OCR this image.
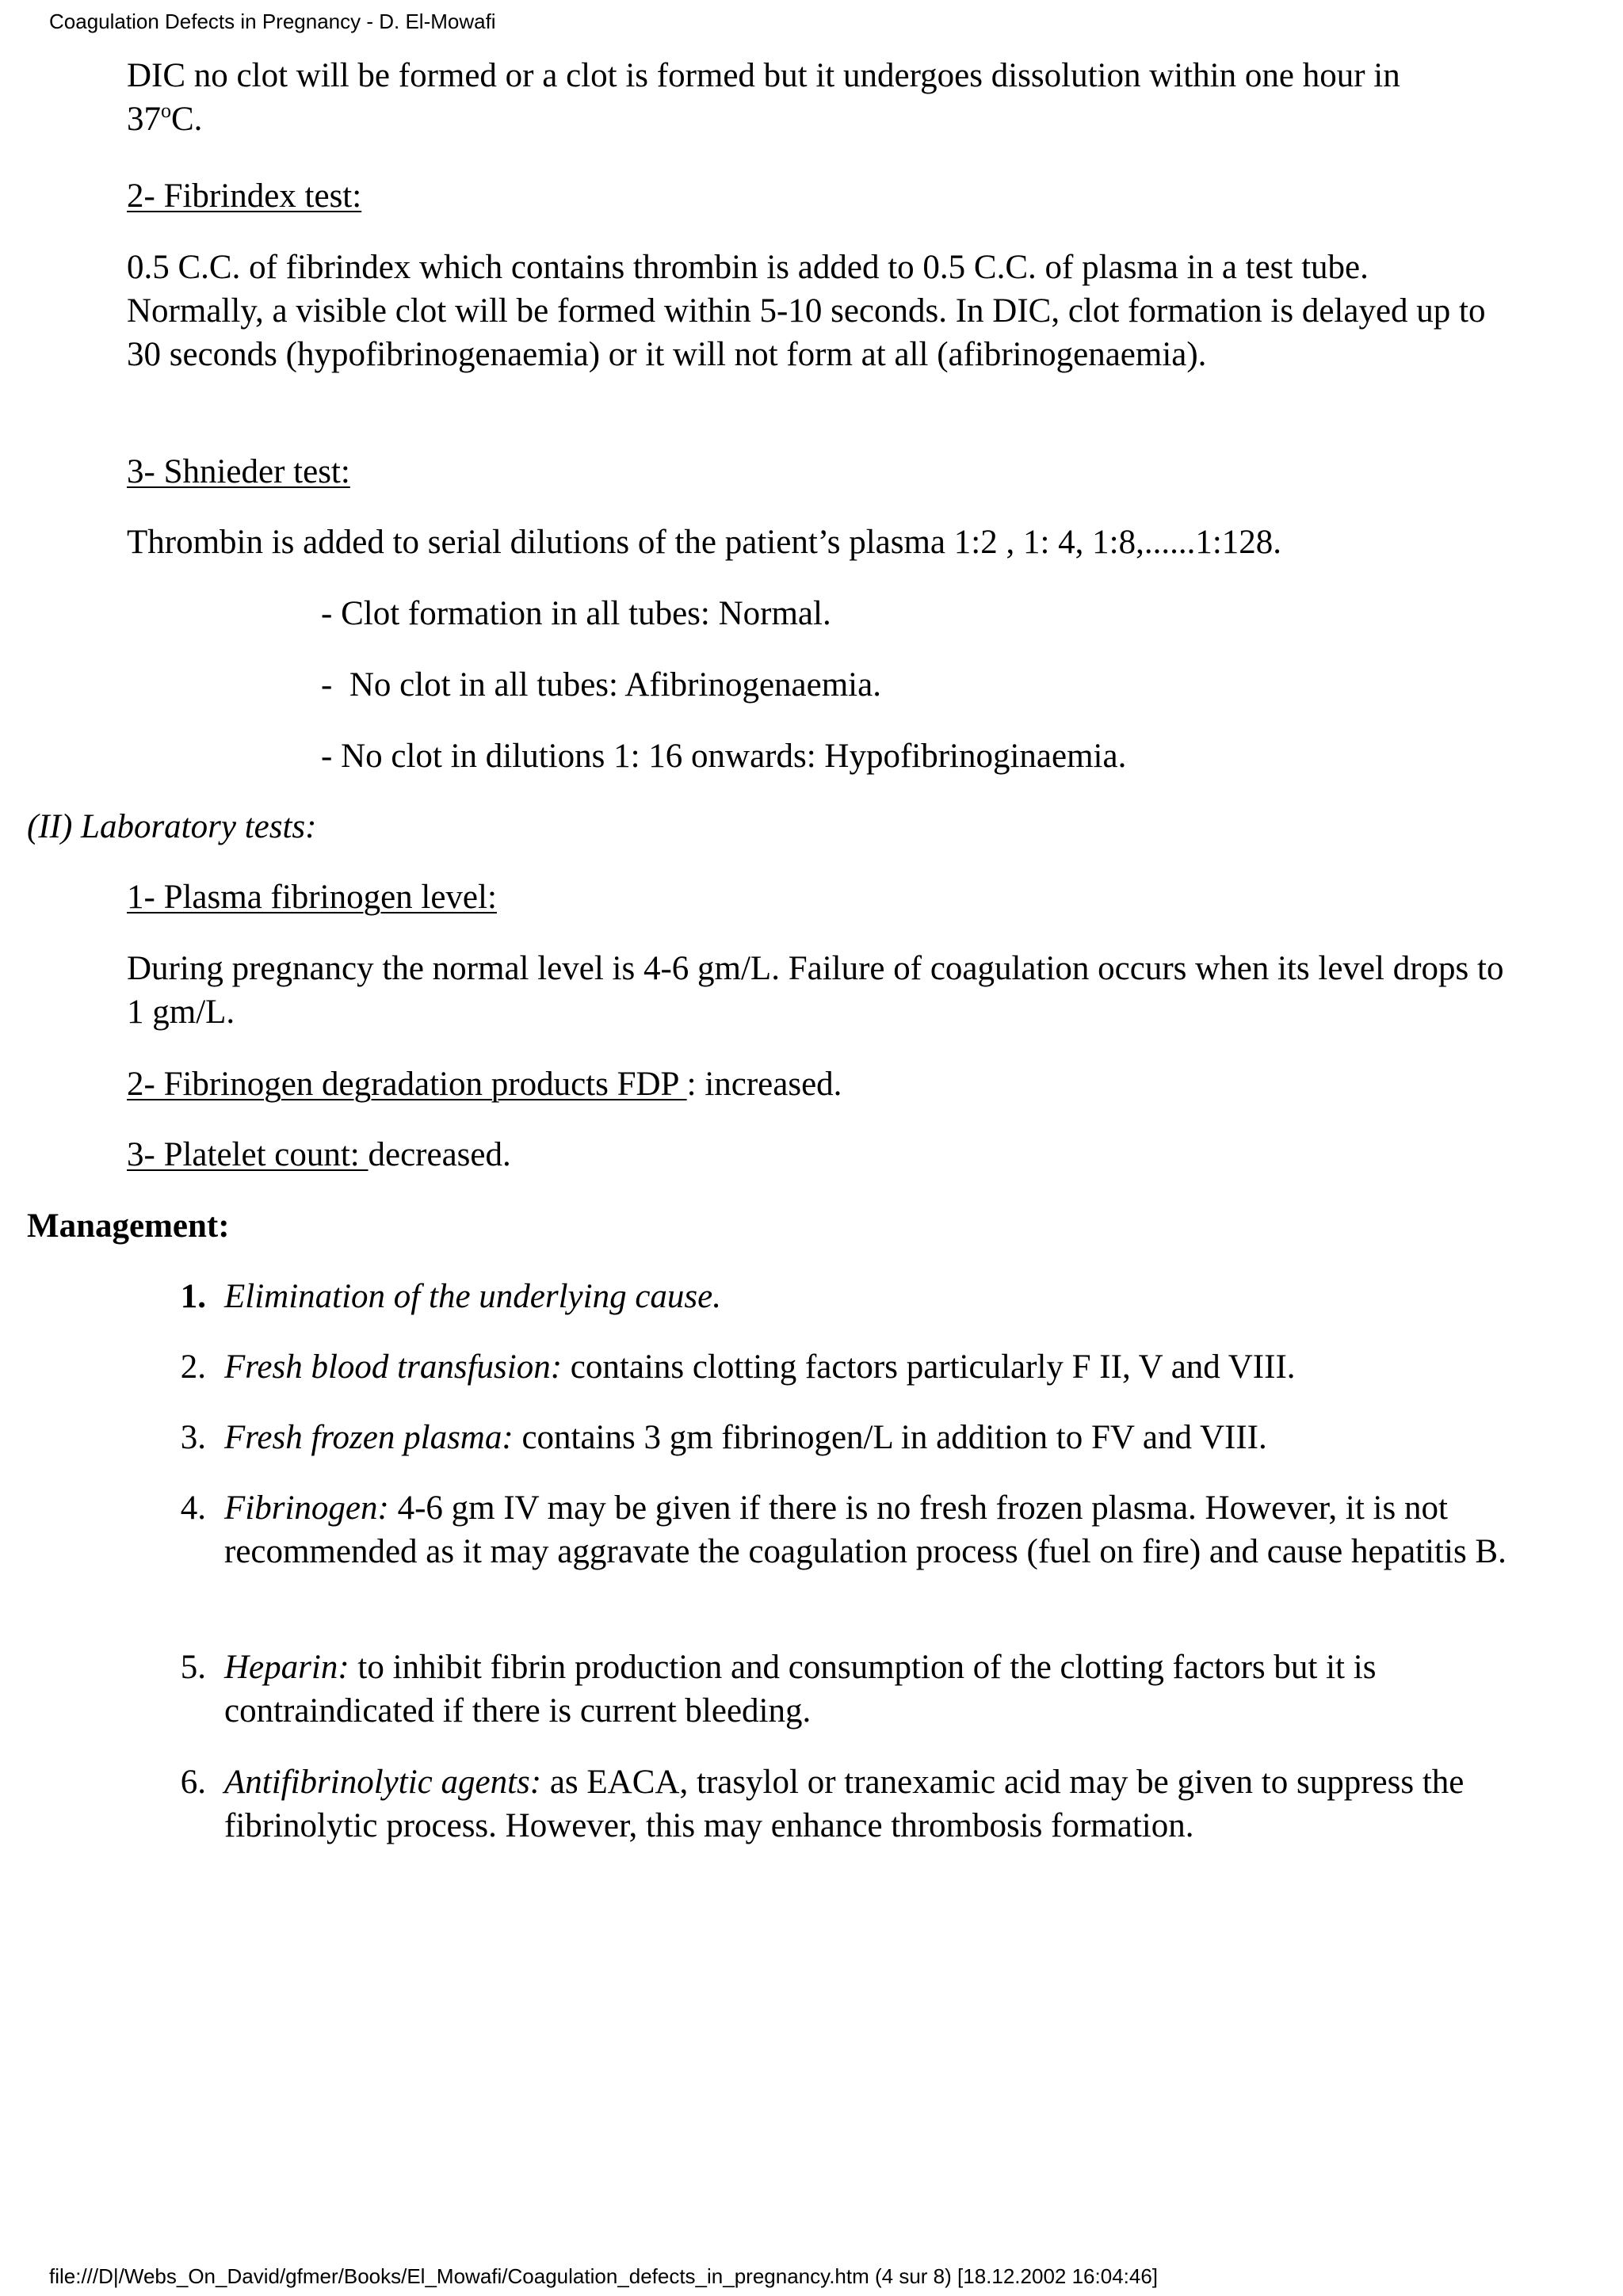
Coagulation Defects in Pregnancy - D. El-Mowafi
DIC no clot will be formed or a clot is formed but it undergoes dissolution within one hour in 37$^o$C.
2- Fibrindex test:
0.5 C.C. of fibrindex which contains thrombin is added to 0.5 C.C. of plasma in a test tube. Normally, a visible clot will be formed within 5-10 seconds. In DIC, clot formation is delayed up to 30 seconds (hypofibrinogenaemia) or it will not form at all (afibrinogenaemia).
3- Shnieder test:
Thrombin is added to serial dilutions of the patient’s plasma 1:2 , 1: 4, 1:8,......1:128.
- Clot formation in all tubes: Normal.
-  No clot in all tubes: Afibrinogenaemia.
- No clot in dilutions 1: 16 onwards: Hypofibrinoginaemia.
(II) Laboratory tests:
1- Plasma fibrinogen level:
During pregnancy the normal level is 4-6 gm/L. Failure of coagulation occurs when its level drops to 1 gm/L.
2- Fibrinogen degradation products FDP : increased.
3- Platelet count: decreased.
Management:
1. Elimination of the underlying cause.
2. Fresh blood transfusion: contains clotting factors particularly F II, V and VIII.
3. Fresh frozen plasma: contains 3 gm fibrinogen/L in addition to FV and VIII.
4. Fibrinogen: 4-6 gm IV may be given if there is no fresh frozen plasma. However, it is not recommended as it may aggravate the coagulation process (fuel on fire) and cause hepatitis B.
5. Heparin: to inhibit fibrin production and consumption of the clotting factors but it is contraindicated if there is current bleeding.
6. Antifibrinolytic agents: as EACA, trasylol or tranexamic acid may be given to suppress the fibrinolytic process. However, this may enhance thrombosis formation.
file:///D|/Webs_On_David/gfmer/Books/El_Mowafi/Coagulation_defects_in_pregnancy.htm (4 sur 8) [18.12.2002 16:04:46]
